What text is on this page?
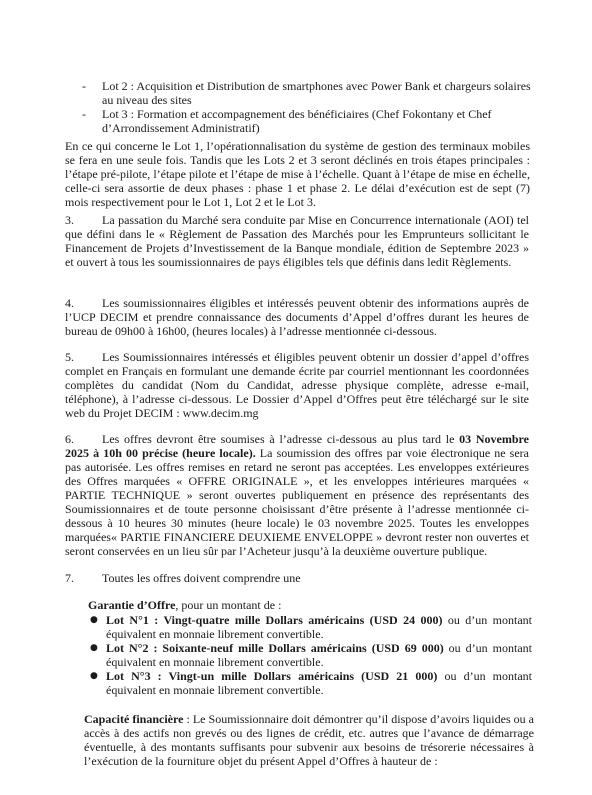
- Lot 2 : Acquisition et Distribution de smartphones avec Power Bank et chargeurs solaires au niveau des sites
- Lot 3 : Formation et accompagnement des bénéficiaires (Chef Fokontany et Chef d’Arrondissement Administratif)
En ce qui concerne le Lot 1, l’opérationnalisation du système de gestion des terminaux mobiles se fera en une seule fois. Tandis que les Lots 2 et 3 seront déclinés en trois étapes principales : l’étape pré-pilote, l’étape pilote et l’étape de mise à l’échelle. Quant à l’étape de mise en échelle, celle-ci sera assortie de deux phases : phase 1 et phase 2. Le délai d’exécution est de sept (7) mois respectivement pour le Lot 1, Lot 2 et le Lot 3.

3. La passation du Marché sera conduite par Mise en Concurrence internationale (AOI) tel que défini dans le « Règlement de Passation des Marchés pour les Emprunteurs sollicitant le Financement de Projets d’Investissement de la Banque mondiale, édition de Septembre 2023 » et ouvert à tous les soumissionnaires de pays éligibles tels que définis dans ledit Règlements.

4. Les soumissionnaires éligibles et intéressés peuvent obtenir des informations auprès de l’UCP DECIM et prendre connaissance des documents d’Appel d’offres durant les heures de bureau de 09h00 à 16h00, (heures locales) à l’adresse mentionnée ci-dessous.

5. Les Soumissionnaires intéressés et éligibles peuvent obtenir un dossier d’appel d’offres complet en Français en formulant une demande écrite par courriel mentionnant les coordonnées complètes du candidat (Nom du Candidat, adresse physique complète, adresse e-mail, téléphone), à l’adresse ci-dessous. Le Dossier d’Appel d’Offres peut être téléchargé sur le site web du Projet DECIM : www.decim.mg

6. Les offres devront être soumises à l’adresse ci-dessous au plus tard le 03 Novembre 2025 à 10h 00 précise (heure locale). La soumission des offres par voie électronique ne sera pas autorisée. Les offres remises en retard ne seront pas acceptées. Les enveloppes extérieures des Offres marquées « OFFRE ORIGINALE », et les enveloppes intérieures marquées « PARTIE TECHNIQUE » seront ouvertes publiquement en présence des représentants des Soumissionnaires et de toute personne choisissant d’être présente à l’adresse mentionnée ci-dessous à 10 heures 30 minutes (heure locale) le 03 novembre 2025. Toutes les enveloppes marquées« PARTIE FINANCIERE DEUXIEME ENVELOPPE » devront rester non ouvertes et seront conservées en un lieu sûr par l’Acheteur jusqu’à la deuxième ouverture publique.

7. Toutes les offres doivent comprendre une

Garantie d’Offre, pour un montant de :
● Lot N°1 : Vingt-quatre mille Dollars américains (USD 24 000) ou d’un montant équivalent en monnaie librement convertible.
● Lot N°2 : Soixante-neuf mille Dollars américains (USD 69 000) ou d’un montant équivalent en monnaie librement convertible.
● Lot N°3 : Vingt-un mille Dollars américains (USD 21 000) ou d’un montant équivalent en monnaie librement convertible.
Capacité financière : Le Soumissionnaire doit démontrer qu’il dispose d’avoirs liquides ou a accès à des actifs non grevés ou des lignes de crédit, etc. autres que l’avance de démarrage éventuelle, à des montants suffisants pour subvenir aux besoins de trésorerie nécessaires à l’exécution de la fourniture objet du présent Appel d’Offres à hauteur de :
